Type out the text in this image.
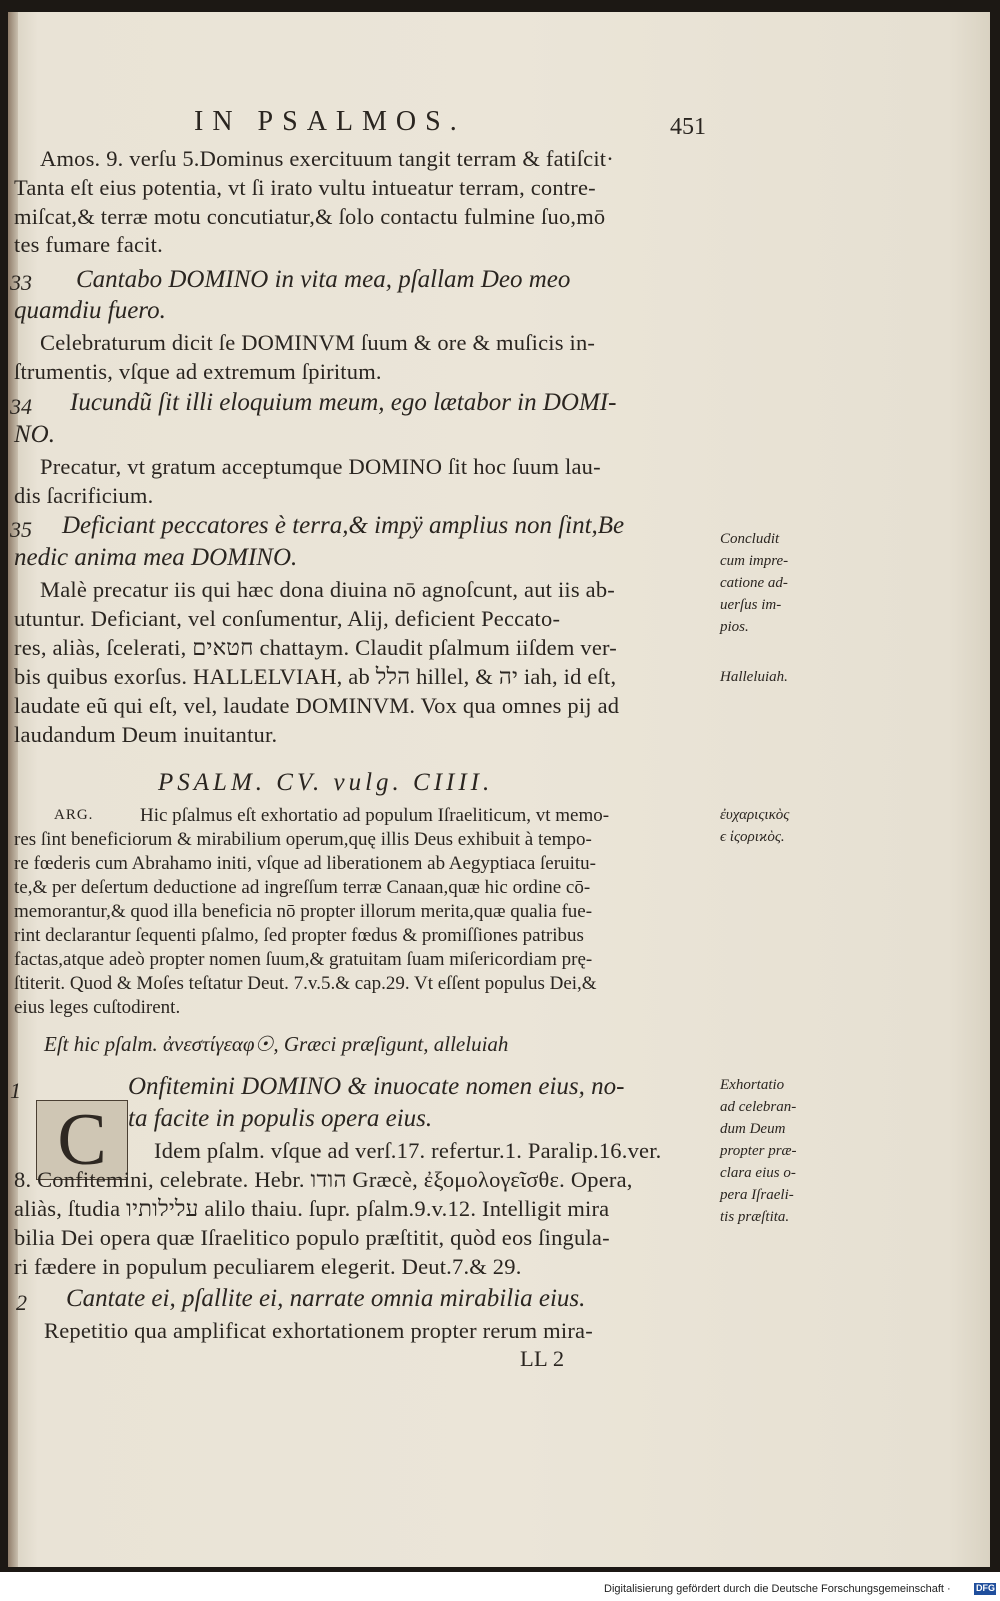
IN PSALMOS.	451
Amos. 9. verſu 5.Dominus exercituum tangit terram & fatiſcit·
Tanta eſt eius potentia, vt ſi irato vultu intueatur terram, contre-
miſcat,& terræ motu concutiatur,& ſolo contactu fulmine ſuo,mō
tes fumare facit.
33 Cantabo DOMINO in vita mea, pſallam Deo meo
quamdiu fuero.
Celebraturum dicit ſe DOMINVM ſuum & ore & muſicis in-
ſtrumentis, vſque ad extremum ſpiritum.
34 Iucundũ ſit illi eloquium meum, ego lætabor in DOMI-
NO.
Precatur, vt gratum acceptumque DOMINO ſit hoc ſuum lau-
dis ſacrificium.
35 Deficiant peccatores è terra,& impÿ amplius non ſint,Be
nedic anima mea DOMINO.
Malè precatur iis qui hæc dona diuina nō agnoſcunt, aut iis ab-
utuntur. Deficiant, vel conſumentur, Alij, deficient Peccato-
res, aliàs, ſcelerati, חטאים chattaym. Claudit pſalmum iiſdem ver-
bis quibus exorſus. HALLELVIAH, ab הלל hillel, & יה iah, id eſt,
laudate eũ qui eſt, vel, laudate DOMINVM. Vox qua omnes pij ad
laudandum Deum inuitantur.
PSALM. CV. vulg. CIIII.
ARG. Hic pſalmus eſt exhortatio ad populum Iſraeliticum, vt memo-
res ſint beneficiorum & mirabilium operum,quę illis Deus exhibuit à tempo-
re fœderis cum Abrahamo initi, vſque ad liberationem ab Aegyptiaca ſeruitu-
te,& per deſertum deductione ad ingreſſum terræ Canaan,quæ hic ordine cō-
memorantur,& quod illa beneficia nō propter illorum merita,quæ qualia fue-
rint declarantur ſequenti pſalmo, ſed propter fœdus & promiſſiones patribus
factas,atque adeò propter nomen ſuum,& gratuitam ſuam miſericordiam prę-
ſtiterit. Quod & Moſes teſtatur Deut. 7.v.5.& cap.29. Vt eſſent populus Dei,&
eius leges cuſtodirent.
Eſt hic pſalm. ἀνεστίγεαφ☉, Græci præſigunt, alleluiah
1
C
Onfitemini DOMINO & inuocate nomen eius, no-
ta facite in populis opera eius.
Idem pſalm. vſque ad verſ.17. refertur.1. Paralip.16.ver.
8. Confitemini, celebrate. Hebr. הודו Græcè, ἐξομολογεῖσθε. Opera,
aliàs, ſtudia עלילותיו alilo thaiu. ſupr. pſalm.9.v.12. Intelligit mira
bilia Dei opera quæ Iſraelitico populo præſtitit, quòd eos ſingula-
ri fædere in populum peculiarem elegerit. Deut.7.& 29.
2 Cantate ei, pſallite ei, narrate omnia mirabilia eius.
Repetitio qua amplificat exhortationem propter rerum mira-
LL 2
Concludit
cum impre-
catione ad-
uerſus im-
pios.
Halleluiah.
ἐυχαριςικὸς
ϵ ἱςοριϰὸς.
Exhortatio
ad celebran-
dum Deum
propter præ-
clara eius o-
pera Iſraeli-
tis præſtita.
Digitalisierung gefördert durch die Deutsche Forschungsgemeinschaft ·	DFG
